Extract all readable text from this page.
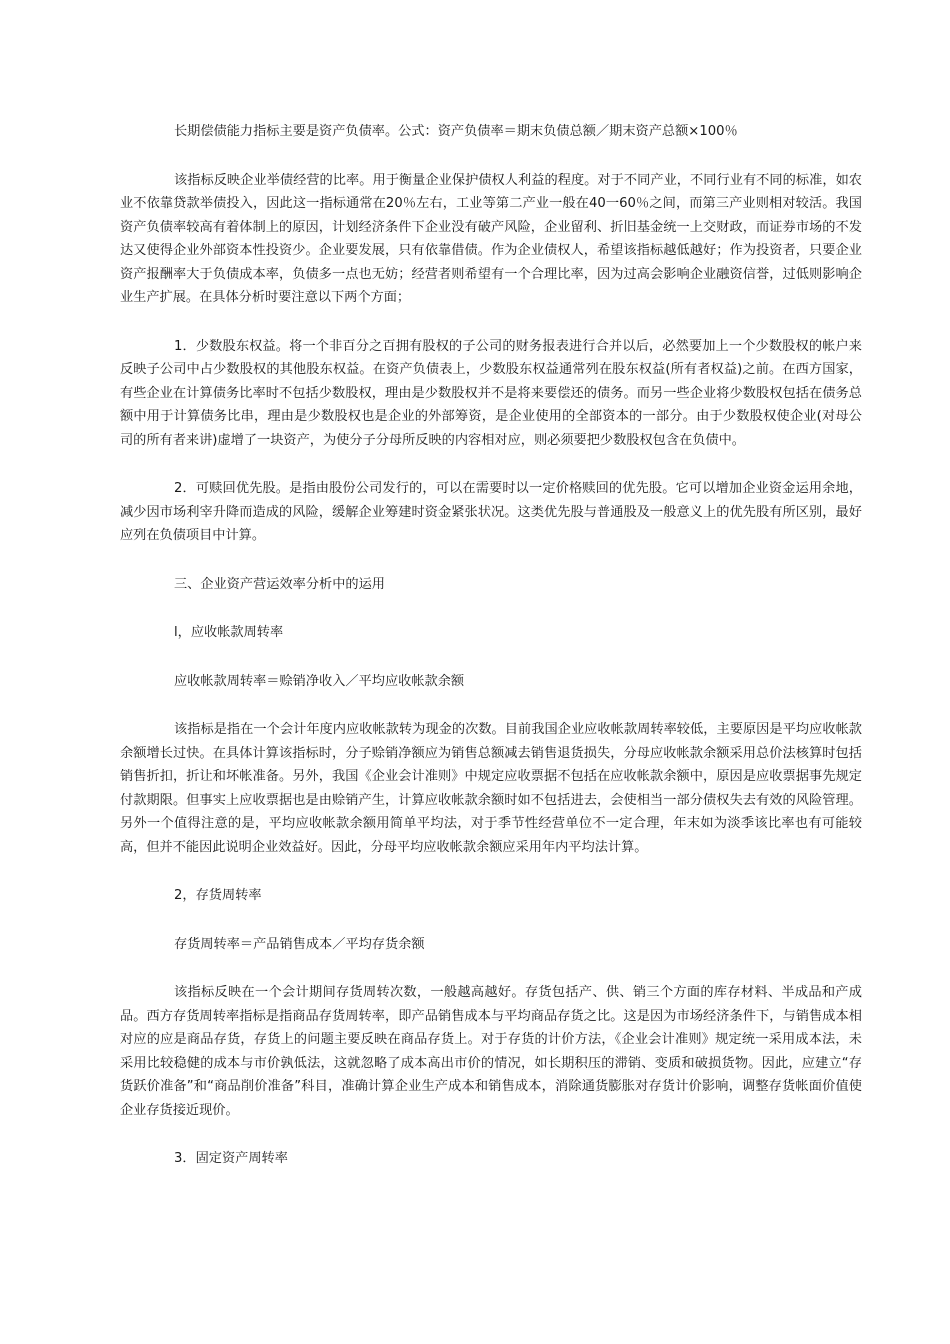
长期偿债能力指标主要是资产负债率。公式：资产负债率＝期末负债总额／期末资产总额×100％

该指标反映企业举债经营的比率。用于衡量企业保护债权人利益的程度。对于不同产业，不同行业有不同的标准，如农业不依靠贷款举债投入，因此这一指标通常在20％左右，工业等第二产业一般在40一60％之间，而第三产业则相对较活。我国资产负债率较高有着体制上的原因，计划经济条件下企业没有破产风险，企业留利、折旧基金统一上交财政，而证券市场的不发达又使得企业外部资本性投资少。企业要发展，只有依靠借债。作为企业债权人，希望该指标越低越好；作为投资者，只要企业资产报酬率大于负债成本率，负债多一点也无妨；经营者则希望有一个合理比率，因为过高会影响企业融资信誉，过低则影响企业生产扩展。在具体分析时要注意以下两个方面；

1．少数股东权益。将一个非百分之百拥有股权的子公司的财务报表进行合并以后，必然要加上一个少数股权的帐户来反映子公司中占少数股权的其他股东权益。在资产负债表上，少数股东权益通常列在股东权益(所有者权益)之前。在西方国家，有些企业在计算债务比率时不包括少数股权，理由是少数股权并不是将来要偿还的债务。而另一些企业将少数股权包括在债务总额中用于计算债务比串，理由是少数股权也是企业的外部筹资，是企业使用的全部资本的一部分。由于少数股权使企业(对母公司的所有者来讲)虚增了一块资产，为使分子分母所反映的内容相对应，则必须要把少数股权包含在负债中。

2．可赎回优先股。是指由股份公司发行的，可以在需要时以一定价格赎回的优先股。它可以增加企业资金运用余地，减少因市场利宰升降而造成的风险，缓解企业筹建时资金紧张状况。这类优先股与普通股及一般意义上的优先股有所区别，最好应列在负债项目中计算。

三、企业资产营运效率分析中的运用

l，应收帐款周转率

应收帐款周转率＝赊销净收入／平均应收帐款余额

该指标是指在一个会计年度内应收帐款转为现金的次数。目前我国企业应收帐款周转率较低，主要原因是平均应收帐款余额增长过快。在具体计算该指标时，分子赊销净额应为销售总额减去销售退货损失，分母应收帐款余额采用总价法核算时包括销售折扣，折让和坏帐准备。另外，我国《企业会计准则》中规定应收票据不包括在应收帐款余额中，原因是应收票据事先规定付款期限。但事实上应收票据也是由赊销产生，计算应收帐款余额时如不包括进去，会使相当一部分债权失去有效的风险管理。另外一个值得注意的是，平均应收帐款余额用简单平均法，对于季节性经营单位不一定合理，年末如为淡季该比率也有可能较高，但并不能因此说明企业效益好。因此，分母平均应收帐款余额应采用年内平均法计算。

2，存货周转率

存货周转率＝产品销售成本／平均存货余额

该指标反映在一个会计期间存货周转次数，一般越高越好。存货包括产、供、销三个方面的库存材料、半成品和产成品。西方存货周转率指标是指商品存货周转率，即产品销售成本与平均商品存货之比。这是因为市场经济条件下，与销售成本相对应的应是商品存货，存货上的问题主要反映在商品存货上。对于存货的计价方法，《企业会计准则》规定统一采用成本法，未采用比较稳健的成本与市价孰低法，这就忽略了成本高出市价的情况，如长期积压的滞销、变质和破损货物。因此，应建立“存货跃价准备”和“商品削价准备”科目，准确计算企业生产成本和销售成本，消除通货膨胀对存货计价影响，调整存货帐面价值使企业存货接近现价。

3．固定资产周转率
